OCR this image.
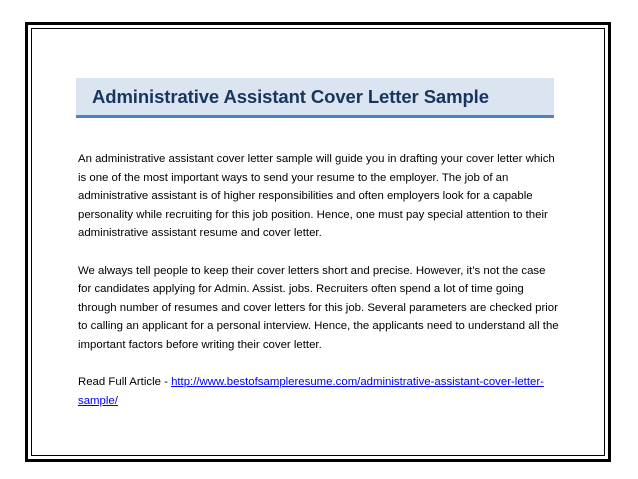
Administrative Assistant Cover Letter Sample

An administrative assistant cover letter sample will guide you in drafting your cover letter which
is one of the most important ways to send your resume to the employer. The job of an
administrative assistant is of higher responsibilities and often employers look for a capable
personality while recruiting for this job position. Hence, one must pay special attention to their
administrative assistant resume and cover letter.

We always tell people to keep their cover letters short and precise. However, it’s not the case
for candidates applying for Admin. Assist. jobs. Recruiters often spend a lot of time going
through number of resumes and cover letters for this job. Several parameters are checked prior
to calling an applicant for a personal interview. Hence, the applicants need to understand all the
important factors before writing their cover letter.

Read Full Article - http://www.bestofsampleresume.com/administrative-assistant-cover-letter-
sample/
